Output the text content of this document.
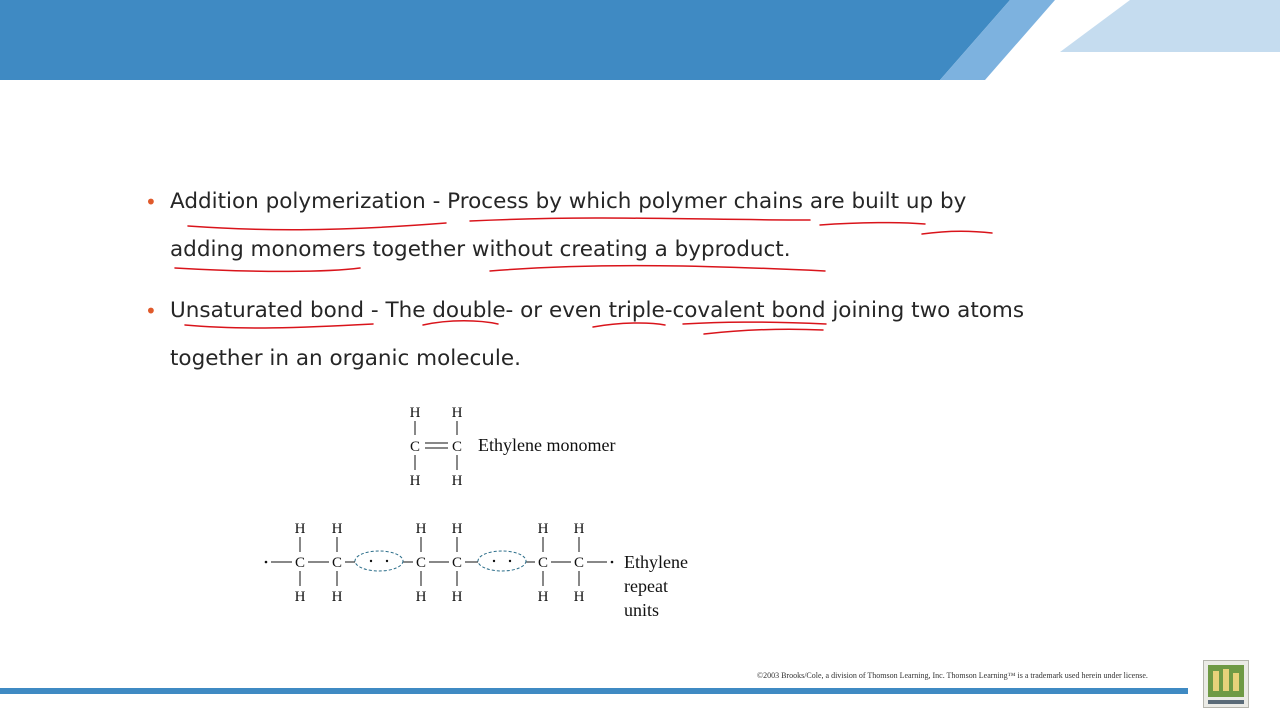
• Addition polymerization - Process by which polymer chains are built up by adding monomers together without creating a byproduct.
• Unsaturated bond - The double- or even triple-covalent bond joining two atoms together in an organic molecule.
H H
C C
H H
Ethylene monomer
H
C
H
H
C
H
H
C
H
H
C
H
H
C
H
H
C
H
Ethylene
repeat
units
©2003 Brooks/Cole, a division of Thomson Learning, Inc. Thomson Learning™ is a trademark used herein under license.
